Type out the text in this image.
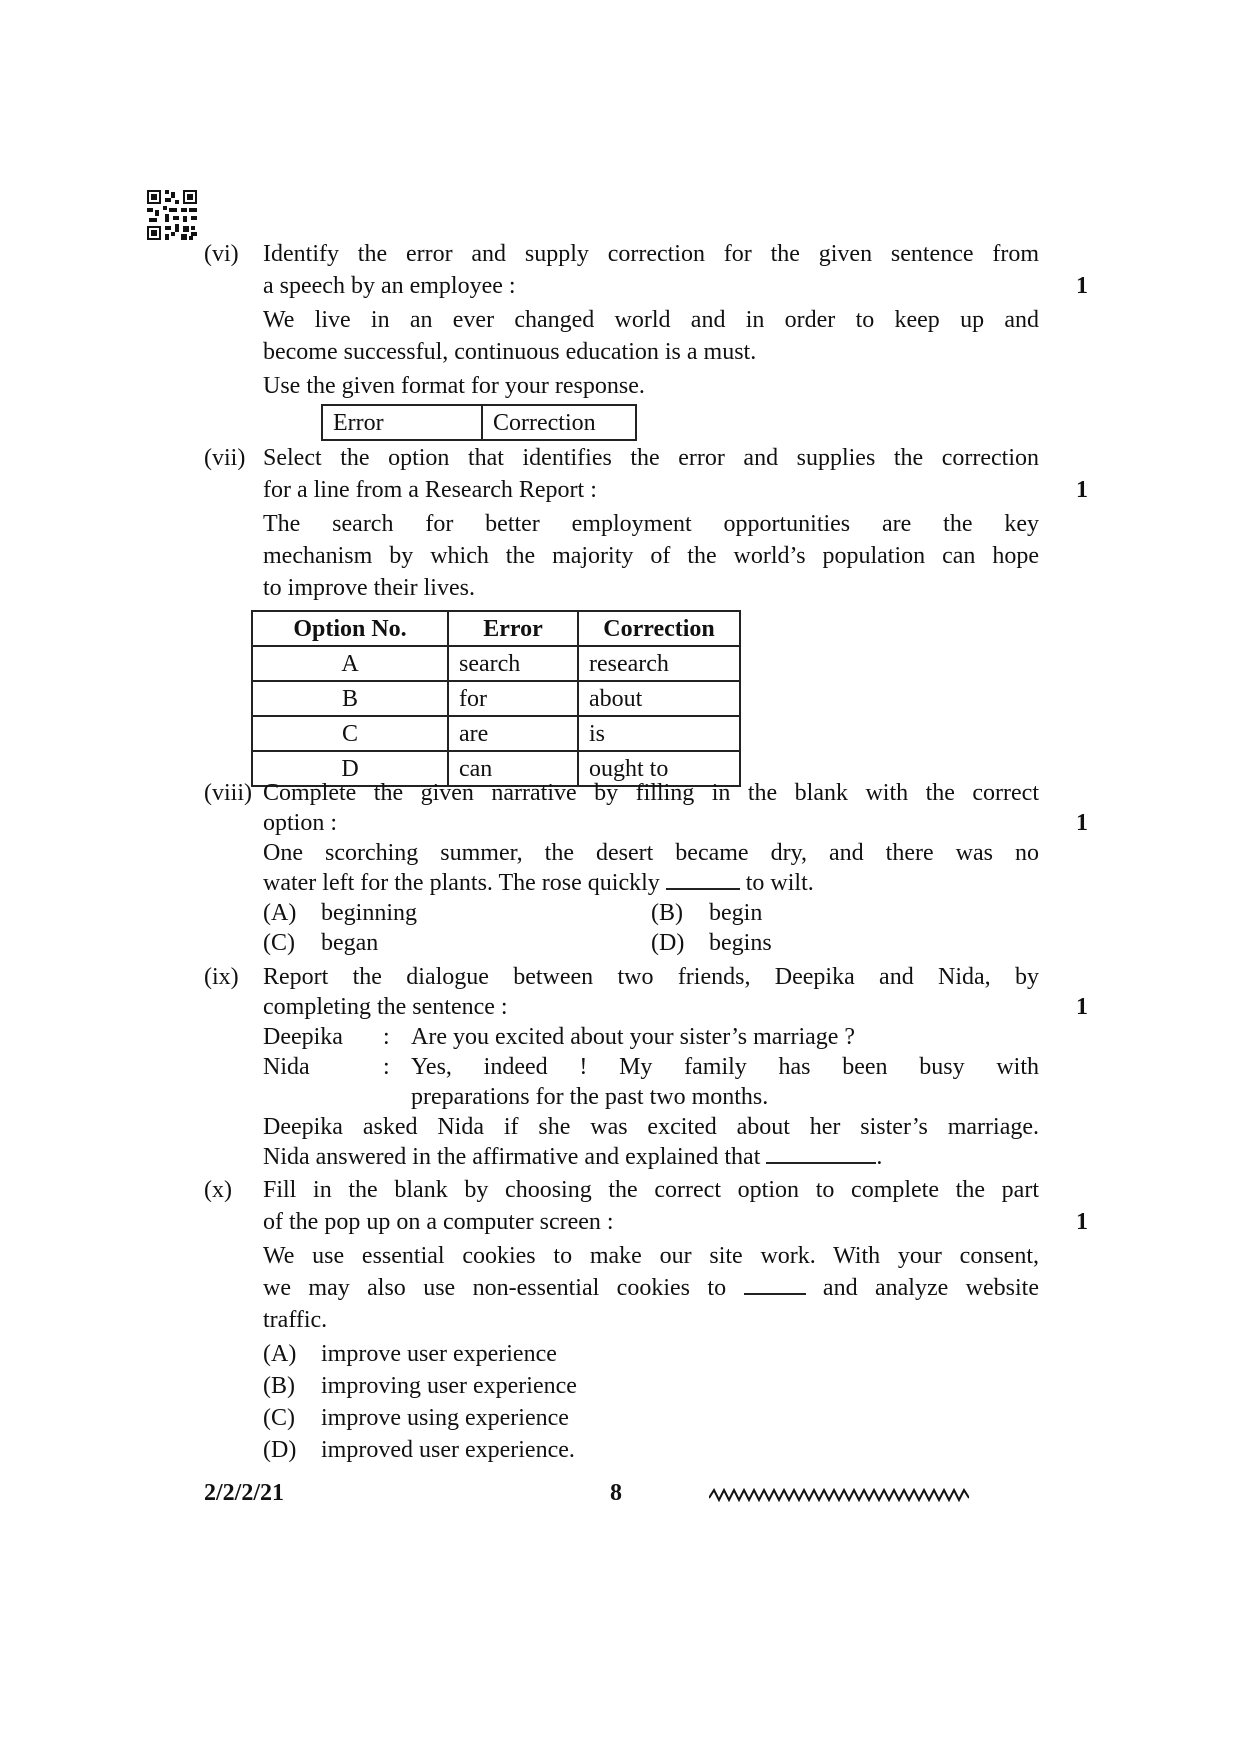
(vi)
1
Identify the error and supply correction for the given sentence from
a speech by an employee :
We live in an ever changed world and in order to keep up and
become successful, continuous education is a must.
Use the given format for your response.
Error	Correction
(vii)
1
Select the option that identifies the error and supplies the correction
for a line from a Research Report :
The search for better employment opportunities are the key
mechanism by which the majority of the world’s population can hope
to improve their lives.
Option No.	Error	Correction
A	search	research
B	for	about
C	are	is
D	can	ought to
(viii)
1
Complete the given narrative by filling in the blank with the correct
option :
One scorching summer, the desert became dry, and there was no
water left for the plants. The rose quickly	to wilt.
(A) beginning	(B) begin
(C) began	(D) begins
(ix)
1
Report the dialogue between two friends, Deepika and Nida, by
completing the sentence :
Deepika	: Are you excited about your sister’s marriage ?
Nida	: Yes, indeed ! My family has been busy with
preparations for the past two months.
Deepika asked Nida if she was excited about her sister’s marriage.
Nida answered in the affirmative and explained that	.
(x)
1
Fill in the blank by choosing the correct option to complete the part
of the pop up on a computer screen :
We use essential cookies to make our site work. With your consent,
we may also use non-essential cookies to	and analyze website
traffic.
(A) improve user experience
(B) improving user experience
(C) improve using experience
(D) improved user experience.
2/2/2/21	8
